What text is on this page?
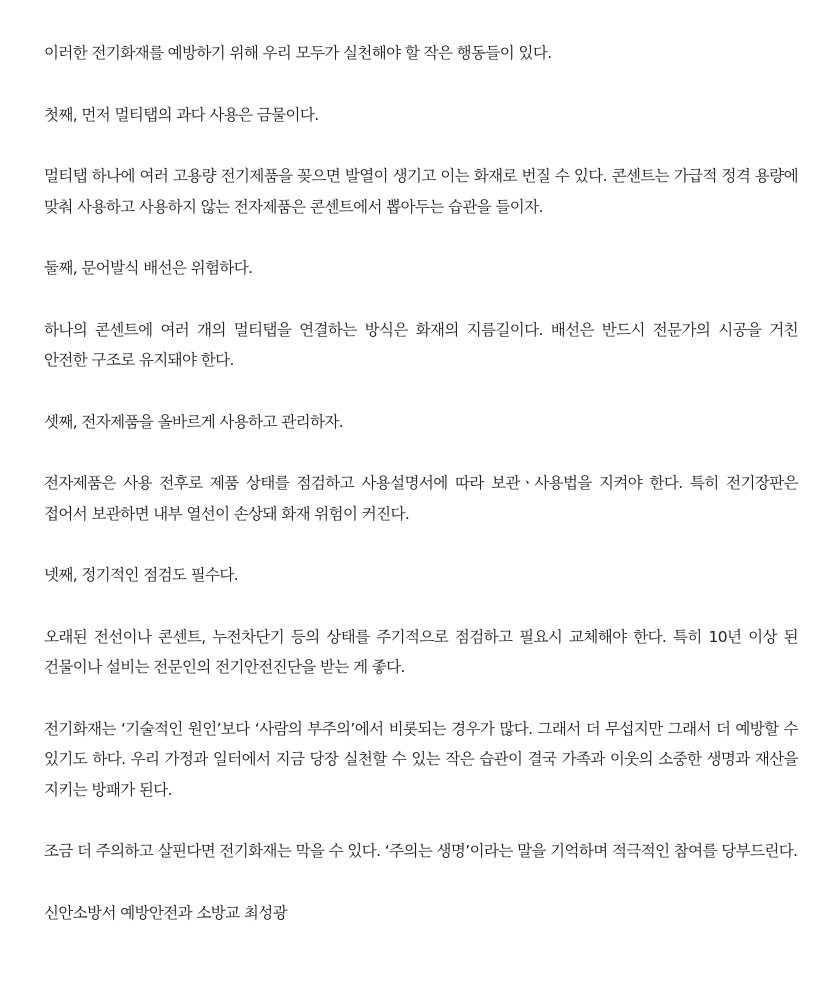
이러한 전기화재를 예방하기 위해 우리 모두가 실천해야 할 작은 행동들이 있다.

첫째, 먼저 멀티탭의 과다 사용은 금물이다.

멀티탭 하나에 여러 고용량 전기제품을 꽂으면 발열이 생기고 이는 화재로 번질 수 있다. 콘센트는 가급적 정격 용량에 맞춰 사용하고 사용하지 않는 전자제품은 콘센트에서 뽑아두는 습관을 들이자.

둘째, 문어발식 배선은 위험하다.

하나의 콘센트에 여러 개의 멀티탭을 연결하는 방식은 화재의 지름길이다. 배선은 반드시 전문가의 시공을 거친 안전한 구조로 유지돼야 한다.

셋째, 전자제품을 올바르게 사용하고 관리하자.

전자제품은 사용 전후로 제품 상태를 점검하고 사용설명서에 따라 보관ㆍ사용법을 지켜야 한다. 특히 전기장판은 접어서 보관하면 내부 열선이 손상돼 화재 위험이 커진다.

넷째, 정기적인 점검도 필수다.

오래된 전선이나 콘센트, 누전차단기 등의 상태를 주기적으로 점검하고 필요시 교체해야 한다. 특히 10년 이상 된 건물이나 설비는 전문인의 전기안전진단을 받는 게 좋다.

전기화재는 ‘기술적인 원인’보다 ‘사람의 부주의’에서 비롯되는 경우가 많다. 그래서 더 무섭지만 그래서 더 예방할 수 있기도 하다. 우리 가정과 일터에서 지금 당장 실천할 수 있는 작은 습관이 결국 가족과 이웃의 소중한 생명과 재산을 지키는 방패가 된다.

조금 더 주의하고 살핀다면 전기화재는 막을 수 있다. ‘주의는 생명’이라는 말을 기억하며 적극적인 참여를 당부드린다.

신안소방서 예방안전과 소방교 최성광
